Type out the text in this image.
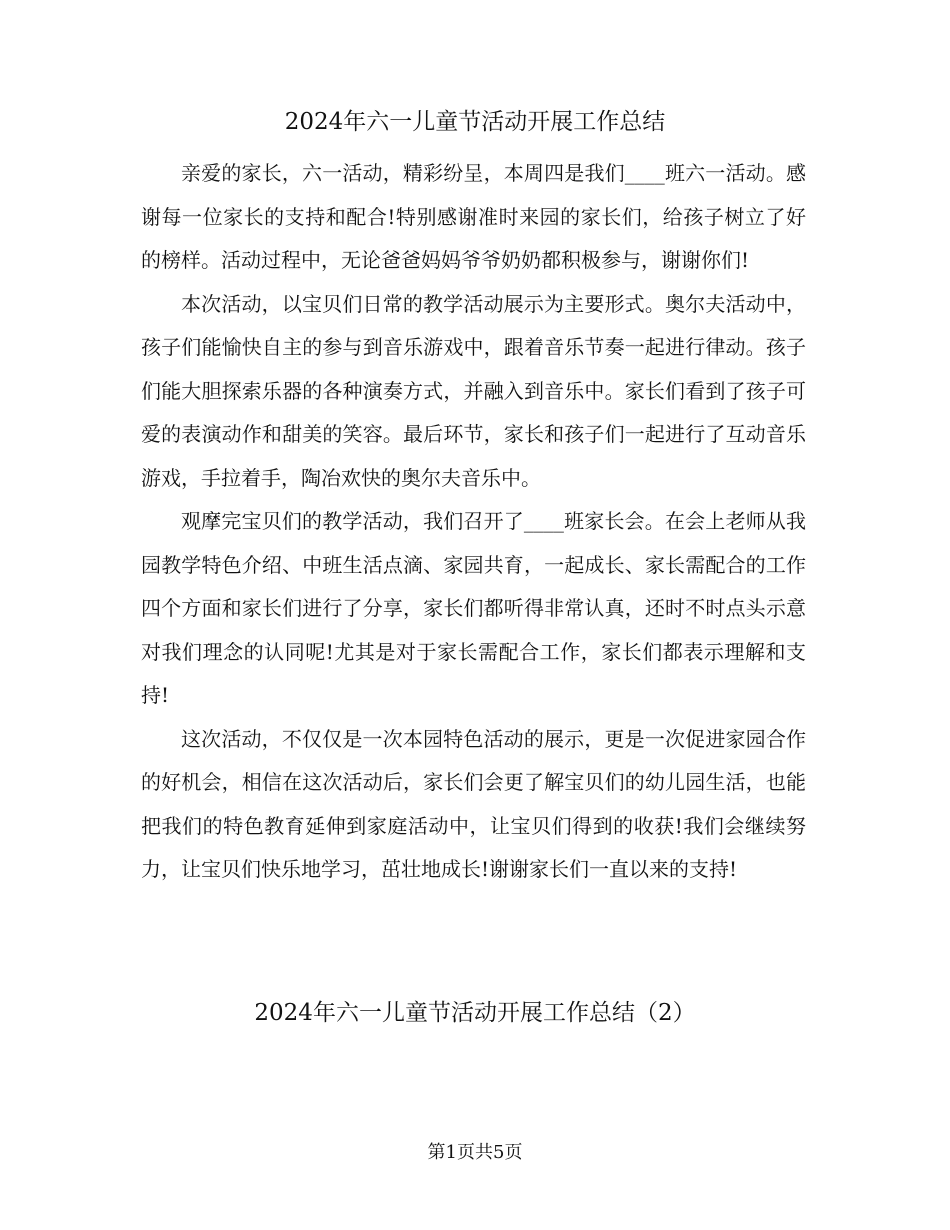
2024年六一儿童节活动开展工作总结

亲爱的家长，六一活动，精彩纷呈，本周四是我们____班六一活动。感谢每一位家长的支持和配合!特别感谢准时来园的家长们，给孩子树立了好的榜样。活动过程中，无论爸爸妈妈爷爷奶奶都积极参与，谢谢你们!

本次活动，以宝贝们日常的教学活动展示为主要形式。奥尔夫活动中，孩子们能愉快自主的参与到音乐游戏中，跟着音乐节奏一起进行律动。孩子们能大胆探索乐器的各种演奏方式，并融入到音乐中。家长们看到了孩子可爱的表演动作和甜美的笑容。最后环节，家长和孩子们一起进行了互动音乐游戏，手拉着手，陶冶欢快的奥尔夫音乐中。

观摩完宝贝们的教学活动，我们召开了____班家长会。在会上老师从我园教学特色介绍、中班生活点滴、家园共育，一起成长、家长需配合的工作四个方面和家长们进行了分享，家长们都听得非常认真，还时不时点头示意对我们理念的认同呢!尤其是对于家长需配合工作，家长们都表示理解和支持!

这次活动，不仅仅是一次本园特色活动的展示，更是一次促进家园合作的好机会，相信在这次活动后，家长们会更了解宝贝们的幼儿园生活，也能把我们的特色教育延伸到家庭活动中，让宝贝们得到的收获!我们会继续努力，让宝贝们快乐地学习，茁壮地成长!谢谢家长们一直以来的支持!

2024年六一儿童节活动开展工作总结（2）
第1页共5页
